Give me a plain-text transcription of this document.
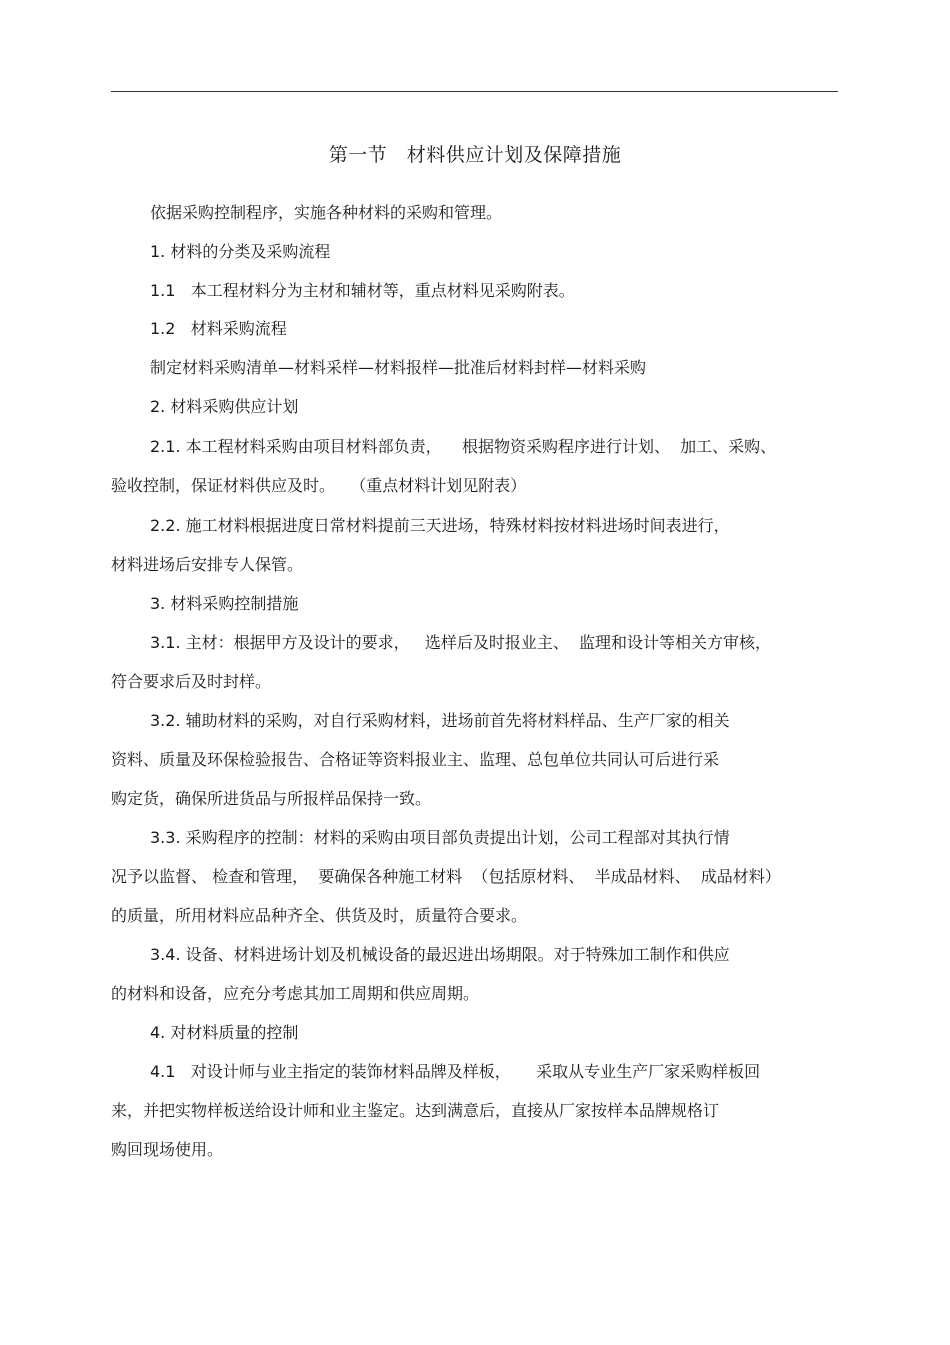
第一节   材料供应计划及保障措施
依据采购控制程序，实施各种材料的采购和管理。
1. 材料的分类及采购流程
1.1   本工程材料分为主材和辅材等，重点材料见采购附表。
1.2   材料采购流程
制定材料采购清单—材料采样—材料报样—批准后材料封样—材料采购
2. 材料采购供应计划
2.1. 本工程材料采购由项目材料部负责，    根据物资采购程序进行计划、  加工、采购、
验收控制，保证材料供应及时。   （重点材料计划见附表）
2.2. 施工材料根据进度日常材料提前三天进场，特殊材料按材料进场时间表进行，
材料进场后安排专人保管。
3. 材料采购控制措施
3.1. 主材：根据甲方及设计的要求，   选样后及时报业主、  监理和设计等相关方审核，
符合要求后及时封样。
3.2. 辅助材料的采购，对自行采购材料，进场前首先将材料样品、生产厂家的相关
资料、质量及环保检验报告、合格证等资料报业主、监理、总包单位共同认可后进行采
购定货，确保所进货品与所报样品保持一致。
3.3. 采购程序的控制：材料的采购由项目部负责提出计划，公司工程部对其执行情
况予以监督、 检查和管理，  要确保各种施工材料  （包括原材料、  半成品材料、  成品材料）
的质量，所用材料应品种齐全、供货及时，质量符合要求。
3.4. 设备、材料进场计划及机械设备的最迟进出场期限。对于特殊加工制作和供应
的材料和设备，应充分考虑其加工周期和供应周期。
4. 对材料质量的控制
4.1   对设计师与业主指定的装饰材料品牌及样板，     采取从专业生产厂家采购样板回
来，并把实物样板送给设计师和业主鉴定。达到满意后，直接从厂家按样本品牌规格订
购回现场使用。
